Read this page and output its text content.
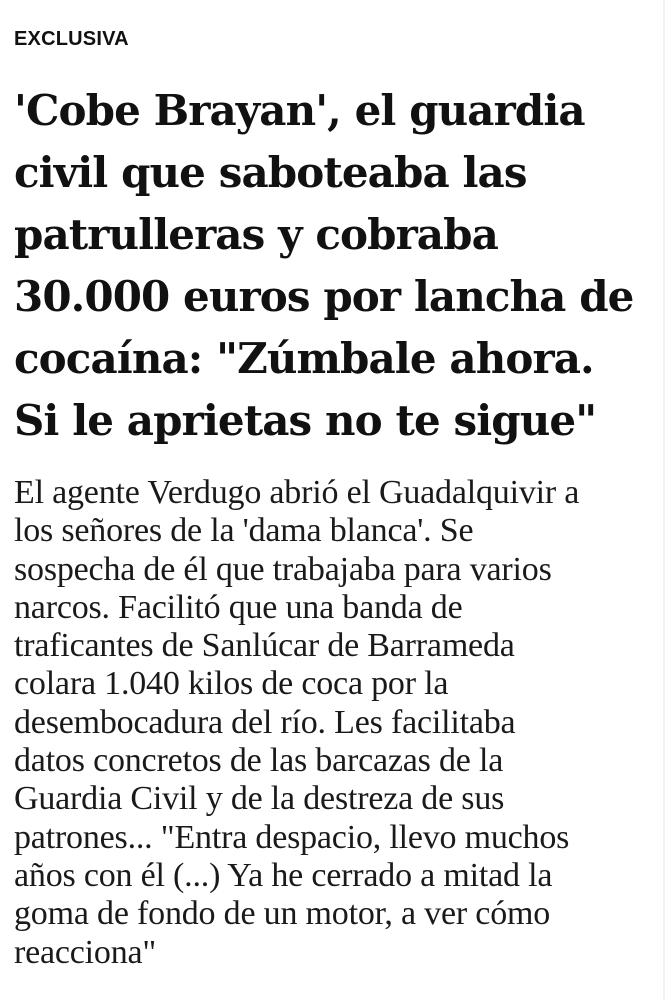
EXCLUSIVA
'Cobe Brayan', el guardia
civil que saboteaba las
patrulleras y cobraba
30.000 euros por lancha de
cocaína: "Zúmbale ahora.
Si le aprietas no te sigue"

El agente Verdugo abrió el Guadalquivir a
los señores de la 'dama blanca'. Se
sospecha de él que trabajaba para varios
narcos. Facilitó que una banda de
traficantes de Sanlúcar de Barrameda
colara 1.040 kilos de coca por la
desembocadura del río. Les facilitaba
datos concretos de las barcazas de la
Guardia Civil y de la destreza de sus
patrones... "Entra despacio, llevo muchos
años con él (...) Ya he cerrado a mitad la
goma de fondo de un motor, a ver cómo
reacciona"
